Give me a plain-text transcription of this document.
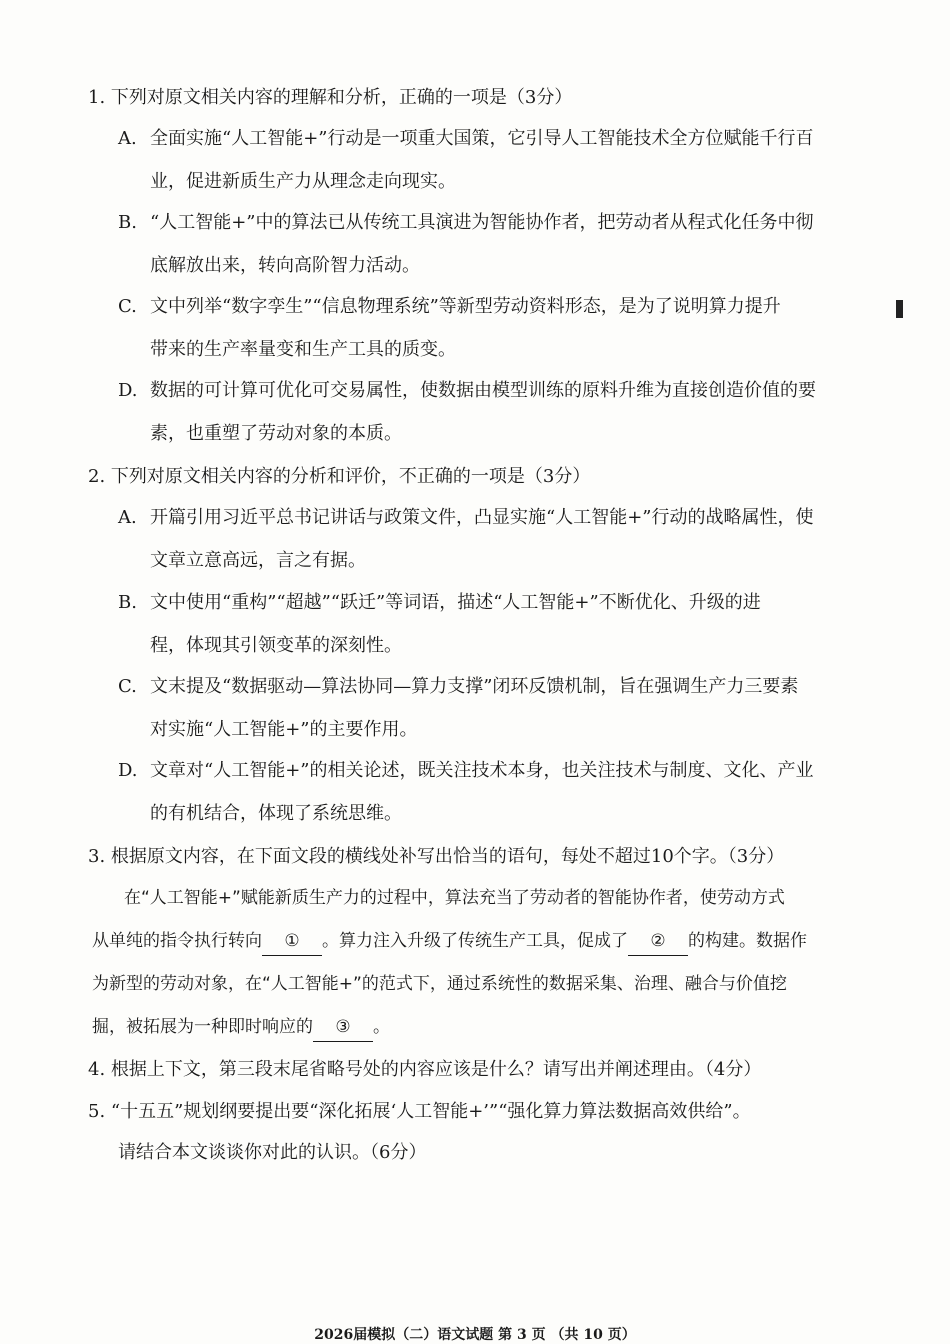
1. 下列对原文相关内容的理解和分析，正确的一项是（3分）
A. 全面实施“人工智能+”行动是一项重大国策，它引导人工智能技术全方位赋能千行百
业，促进新质生产力从理念走向现实。
B. “人工智能+”中的算法已从传统工具演进为智能协作者，把劳动者从程式化任务中彻
底解放出来，转向高阶智力活动。
C. 文中列举“数字孪生”“信息物理系统”等新型劳动资料形态，是为了说明算力提升
带来的生产率量变和生产工具的质变。
D. 数据的可计算可优化可交易属性，使数据由模型训练的原料升维为直接创造价值的要
素，也重塑了劳动对象的本质。
2. 下列对原文相关内容的分析和评价，不正确的一项是（3分）
A. 开篇引用习近平总书记讲话与政策文件，凸显实施“人工智能+”行动的战略属性，使
文章立意高远，言之有据。
B. 文中使用“重构”“超越”“跃迁”等词语，描述“人工智能+”不断优化、升级的进
程，体现其引领变革的深刻性。
C. 文末提及“数据驱动—算法协同—算力支撑”闭环反馈机制，旨在强调生产力三要素
对实施“人工智能+”的主要作用。
D. 文章对“人工智能+”的相关论述，既关注技术本身，也关注技术与制度、文化、产业
的有机结合，体现了系统思维。
3. 根据原文内容，在下面文段的横线处补写出恰当的语句，每处不超过10个字。（3分）
在“人工智能+”赋能新质生产力的过程中，算法充当了劳动者的智能协作者，使劳动方式
从单纯的指令执行转向 ① 。算力注入升级了传统生产工具，促成了 ② 的构建。数据作
为新型的劳动对象，在“人工智能+”的范式下，通过系统性的数据采集、治理、融合与价值挖
掘，被拓展为一种即时响应的 ③ 。
4. 根据上下文，第三段末尾省略号处的内容应该是什么？请写出并阐述理由。（4分）
5. “十五五”规划纲要提出要“深化拓展‘人工智能+’”“强化算力算法数据高效供给”。
请结合本文谈谈你对此的认识。（6分）
2026届模拟（二）语文试题 第 3 页 （共 10 页）
